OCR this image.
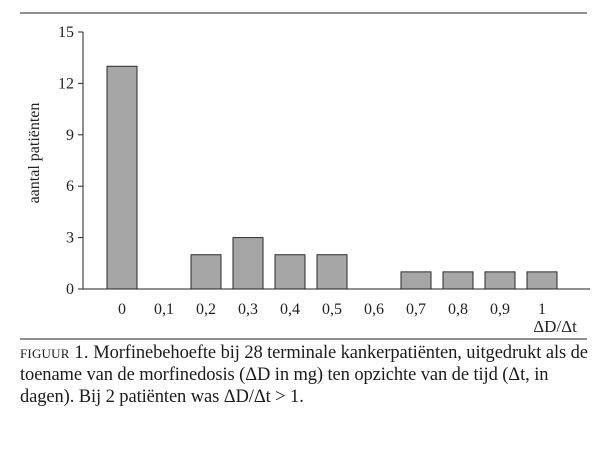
0
3
6
9
12
15
0 0,1 0,2 0,3 0,4 0,5 0,6 0,7 0,8 0,9 1
aantal patiënten
ΔD/Δt
figuur 1. Morfinebehoefte bij 28 terminale kankerpatiënten, uitgedrukt als de toename van de morfinedosis (ΔD in mg) ten opzichte van de tijd (Δt, in dagen). Bij 2 patiënten was ΔD/Δt > 1.
